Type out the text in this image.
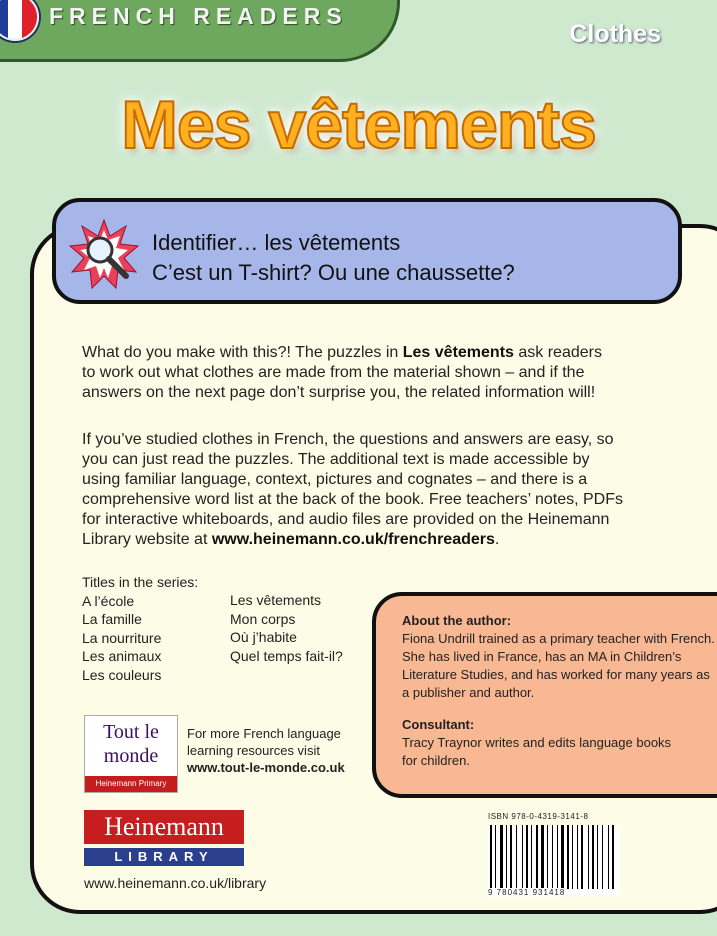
FRENCH READERS
Clothes
Mes vêtements
Identifier… les vêtements
C’est un T-shirt? Ou une chaussette?
What do you make with this?! The puzzles in Les vêtements ask readers
to work out what clothes are made from the material shown – and if the
answers on the next page don’t surprise you, the related information will!
If you’ve studied clothes in French, the questions and answers are easy, so
you can just read the puzzles. The additional text is made accessible by
using familiar language, context, pictures and cognates – and there is a
comprehensive word list at the back of the book. Free teachers’ notes, PDFs
for interactive whiteboards, and audio files are provided on the Heinemann
Library website at www.heinemann.co.uk/frenchreaders.
Titles in the series:
A l’école
La famille
La nourriture
Les animaux
Les couleurs
Les vêtements
Mon corps
Où j’habite
Quel temps fait-il?
About the author:
Fiona Undrill trained as a primary teacher with French.
She has lived in France, has an MA in Children’s
Literature Studies, and has worked for many years as
a publisher and author.
Consultant:
Tracy Traynor writes and edits language books
for children.
Tout le
monde
Heinemann Primary French
For more French language
learning resources visit
www.tout-le-monde.co.uk
Heinemann
LIBRARY
www.heinemann.co.uk/library
ISBN 978-0-4319-3141-8
9 780431 931418
